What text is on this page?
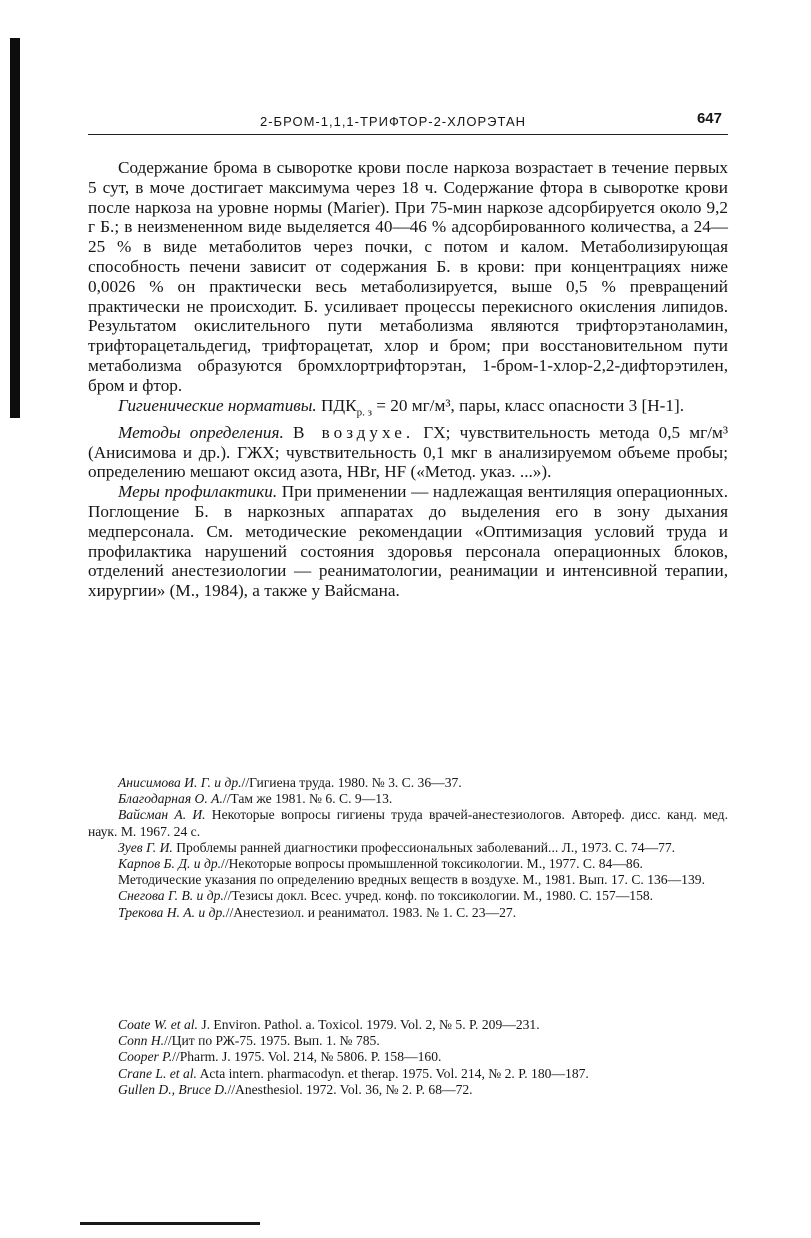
2-БРОМ-1,1,1-ТРИФТОР-2-ХЛОРЭТАН	647

Содержание брома в сыворотке крови после наркоза возрастает в течение первых 5 сут, в моче достигает максимума через 18 ч. Содержание фтора в сыворотке крови после наркоза на уровне нормы (Marier). При 75-мин наркозе адсорбируется около 9,2 г Б.; в неизмененном виде выделяется 40—46 % адсорбированного количества, а 24—25 % в виде метаболитов через почки, с потом и калом. Метаболизирующая способность печени зависит от содержания Б. в крови: при концентрациях ниже 0,0026 % он практически весь метаболизируется, выше 0,5 % превращений практически не происходит. Б. усиливает процессы перекисного окисления липидов. Результатом окислительного пути метаболизма являются трифторэтаноламин, трифторацетальдегид, трифторацетат, хлор и бром; при восстановительном пути метаболизма образуются бромхлортрифторэтан, 1-бром-1-хлор-2,2-дифторэтилен, бром и фтор.

Гигиенические нормативы. $ПДК_{р. з} = 20$ мг/м³, пары, класс опасности 3 [Н-1].

Методы определения. В воздухе. ГХ; чувствительность метода 0,5 мг/м³ (Анисимова и др.). ГЖХ; чувствительность 0,1 мкг в анализируемом объеме пробы; определению мешают оксид азота, HBr, HF («Метод. указ. ...»).

Меры профилактики. При применении — надлежащая вентиляция операционных. Поглощение Б. в наркозных аппаратах до выделения его в зону дыхания медперсонала. См. методические рекомендации «Оптимизация условий труда и профилактика нарушений состояния здоровья персонала операционных блоков, отделений анестезиологии — реаниматологии, реанимации и интенсивной терапии, хирургии» (М., 1984), а также у Вайсмана.

Анисимова И. Г. и др.//Гигиена труда. 1980. № 3. С. 36—37.

Благодарная О. А.//Там же 1981. № 6. С. 9—13.

Вайсман А. И. Некоторые вопросы гигиены труда врачей-анестезиологов. Автореф. дисс. канд. мед. наук. М. 1967. 24 с.

Зуев Г. И. Проблемы ранней диагностики профессиональных заболеваний... Л., 1973. С. 74—77.

Карпов Б. Д. и др.//Некоторые вопросы промышленной токсикологии. М., 1977. С. 84—86.

Методические указания по определению вредных веществ в воздухе. М., 1981. Вып. 17. С. 136—139.

Снегова Г. В. и др.//Тезисы докл. Всес. учред. конф. по токсикологии. М., 1980. С. 157—158.

Трекова Н. А. и др.//Анестезиол. и реаниматол. 1983. № 1. С. 23—27.

Coate W. et al. J. Environ. Pathol. a. Toxicol. 1979. Vol. 2, № 5. P. 209—231.

Conn H.//Цит по РЖ-75. 1975. Вып. 1. № 785.

Cooper P.//Pharm. J. 1975. Vol. 214, № 5806. P. 158—160.

Crane L. et al. Acta intern. pharmacodyn. et therap. 1975. Vol. 214, № 2. P. 180—187.

Gullen D., Bruce D.//Anesthesiol. 1972. Vol. 36, № 2. P. 68—72.
